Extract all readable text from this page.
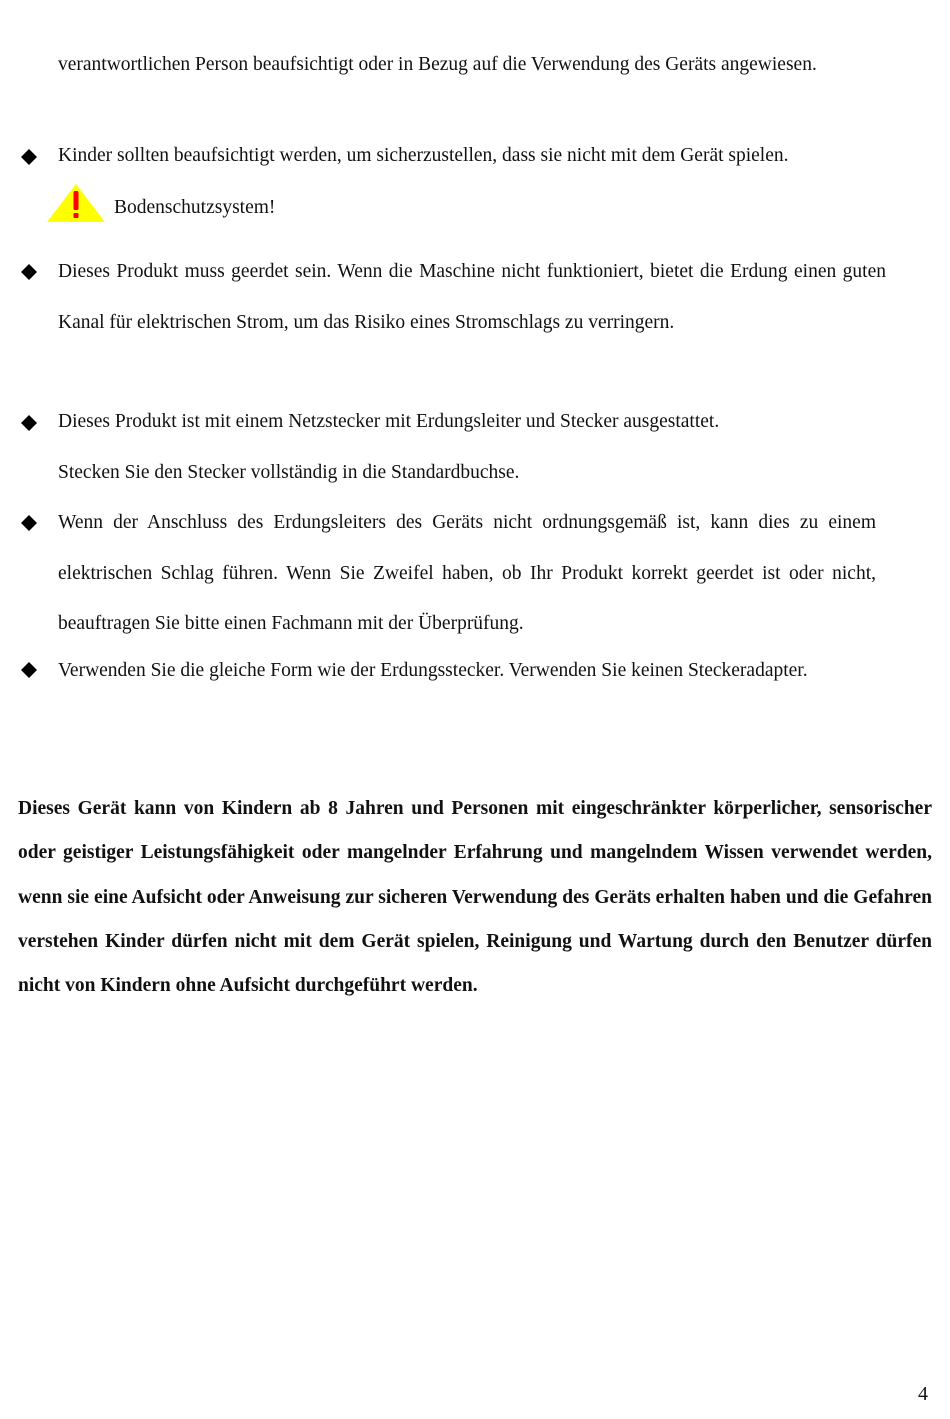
verantwortlichen Person beaufsichtigt oder in Bezug auf die Verwendung des Geräts angewiesen.

Kinder sollten beaufsichtigt werden, um sicherzustellen, dass sie nicht mit dem Gerät spielen.

Bodenschutzsystem!

Dieses Produkt muss geerdet sein. Wenn die Maschine nicht funktioniert, bietet die Erdung einen guten Kanal für elektrischen Strom, um das Risiko eines Stromschlags zu verringern.

Dieses Produkt ist mit einem Netzstecker mit Erdungsleiter und Stecker ausgestattet.

Stecken Sie den Stecker vollständig in die Standardbuchse.

Wenn der Anschluss des Erdungsleiters des Geräts nicht ordnungsgemäß ist, kann dies zu einem elektrischen Schlag führen. Wenn Sie Zweifel haben, ob Ihr Produkt korrekt geerdet ist oder nicht, beauftragen Sie bitte einen Fachmann mit der Überprüfung.

Verwenden Sie die gleiche Form wie der Erdungsstecker. Verwenden Sie keinen Steckeradapter.

Dieses Gerät kann von Kindern ab 8 Jahren und Personen mit eingeschränkter körperlicher, sensorischer oder geistiger Leistungsfähigkeit oder mangelnder Erfahrung und mangelndem Wissen verwendet werden, wenn sie eine Aufsicht oder Anweisung zur sicheren Verwendung des Geräts erhalten haben und die Gefahren verstehen Kinder dürfen nicht mit dem Gerät spielen, Reinigung und Wartung durch den Benutzer dürfen nicht von Kindern ohne Aufsicht durchgeführt werden.

4
